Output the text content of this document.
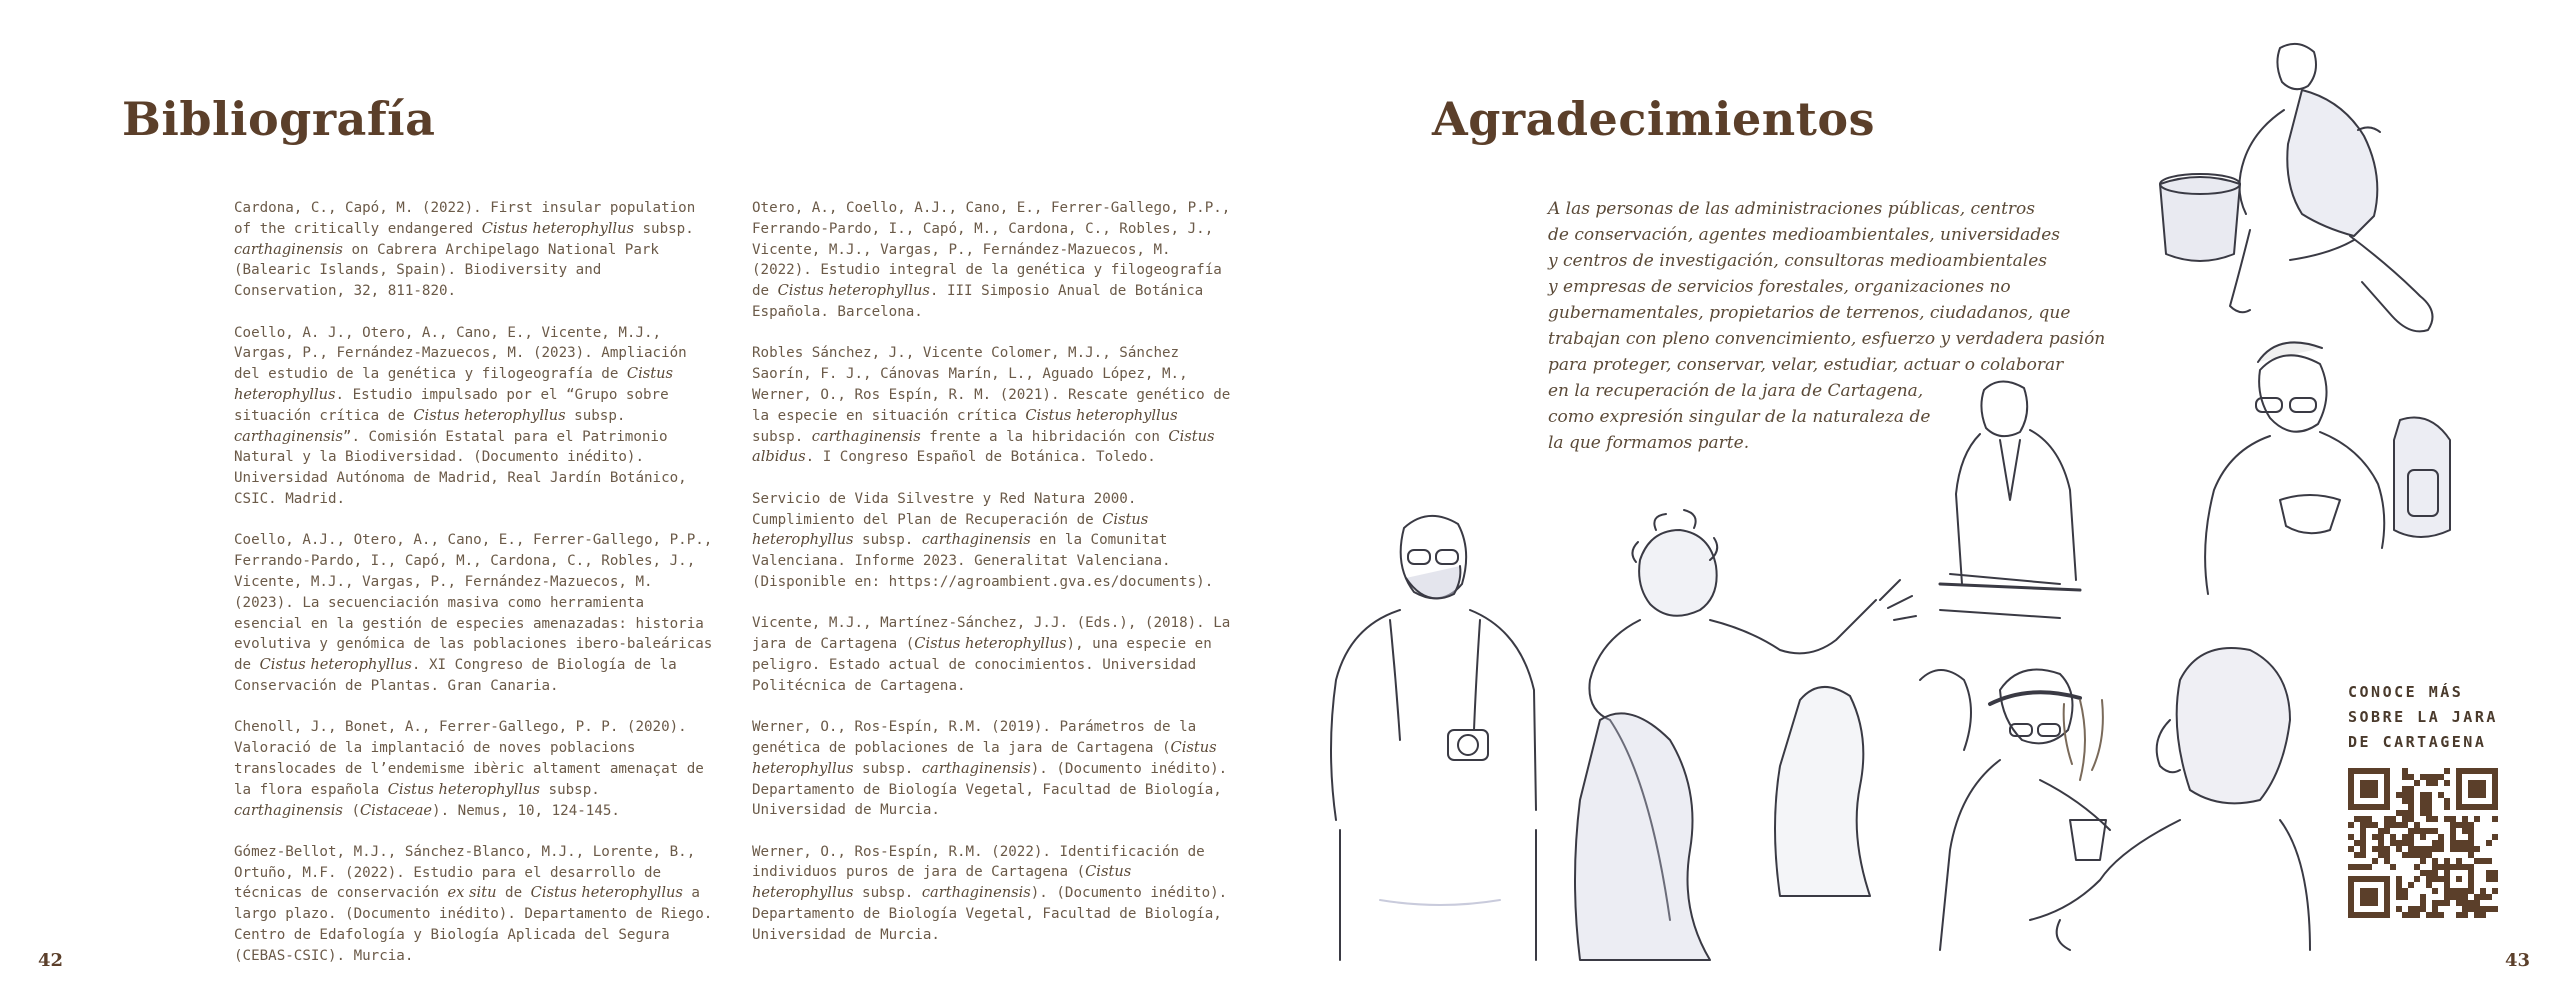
Bibliografía

Cardona, C., Capó, M. (2022). First insular population of the critically endangered Cistus heterophyllus subsp. carthaginensis on Cabrera Archipelago National Park (Balearic Islands, Spain). Biodiversity and Conservation, 32, 811-820.

Coello, A. J., Otero, A., Cano, E., Vicente, M.J., Vargas, P., Fernández-Mazuecos, M. (2023). Ampliación del estudio de la genética y filogeografía de Cistus heterophyllus. Estudio impulsado por el “Grupo sobre situación crítica de Cistus heterophyllus subsp. carthaginensis”. Comisión Estatal para el Patrimonio Natural y la Biodiversidad. (Documento inédito). Universidad Autónoma de Madrid, Real Jardín Botánico, CSIC. Madrid.

Coello, A.J., Otero, A., Cano, E., Ferrer-Gallego, P.P., Ferrando-Pardo, I., Capó, M., Cardona, C., Robles, J., Vicente, M.J., Vargas, P., Fernández-Mazuecos, M. (2023). La secuenciación masiva como herramienta esencial en la gestión de especies amenazadas: historia evolutiva y genómica de las poblaciones ibero-baleáricas de Cistus heterophyllus. XI Congreso de Biología de la Conservación de Plantas. Gran Canaria.

Chenoll, J., Bonet, A., Ferrer-Gallego, P. P. (2020). Valoració de la implantació de noves poblacions translocades de l’endemisme ibèric altament amenaçat de la flora española Cistus heterophyllus subsp. carthaginensis (Cistaceae). Nemus, 10, 124-145.

Gómez-Bellot, M.J., Sánchez-Blanco, M.J., Lorente, B., Ortuño, M.F. (2022). Estudio para el desarrollo de técnicas de conservación ex situ de Cistus heterophyllus a largo plazo. (Documento inédito). Departamento de Riego. Centro de Edafología y Biología Aplicada del Segura (CEBAS-CSIC). Murcia.

Otero, A., Coello, A.J., Cano, E., Ferrer-Gallego, P.P., Ferrando-Pardo, I., Capó, M., Cardona, C., Robles, J., Vicente, M.J., Vargas, P., Fernández-Mazuecos, M. (2022). Estudio integral de la genética y filogeografía de Cistus heterophyllus. III Simposio Anual de Botánica Española. Barcelona.

Robles Sánchez, J., Vicente Colomer, M.J., Sánchez Saorín, F. J., Cánovas Marín, L., Aguado López, M., Werner, O., Ros Espín, R. M. (2021). Rescate genético de la especie en situación crítica Cistus heterophyllus subsp. carthaginensis frente a la hibridación con Cistus albidus. I Congreso Español de Botánica. Toledo.

Servicio de Vida Silvestre y Red Natura 2000. Cumplimiento del Plan de Recuperación de Cistus heterophyllus subsp. carthaginensis en la Comunitat Valenciana. Informe 2023. Generalitat Valenciana. (Disponible en: https://agroambient.gva.es/documents).

Vicente, M.J., Martínez-Sánchez, J.J. (Eds.), (2018). La jara de Cartagena (Cistus heterophyllus), una especie en peligro. Estado actual de conocimientos. Universidad Politécnica de Cartagena.

Werner, O., Ros-Espín, R.M. (2019). Parámetros de la genética de poblaciones de la jara de Cartagena (Cistus heterophyllus subsp. carthaginensis). (Documento inédito). Departamento de Biología Vegetal, Facultad de Biología, Universidad de Murcia.

Werner, O., Ros-Espín, R.M. (2022). Identificación de individuos puros de jara de Cartagena (Cistus heterophyllus subsp. carthaginensis). (Documento inédito). Departamento de Biología Vegetal, Facultad de Biología, Universidad de Murcia.

42
Agradecimientos
A las personas de las administraciones públicas, centros
de conservación, agentes medioambientales, universidades
y centros de investigación, consultoras medioambientales
y empresas de servicios forestales, organizaciones no
gubernamentales, propietarios de terrenos, ciudadanos, que
trabajan con pleno convencimiento, esfuerzo y verdadera pasión
para proteger, conservar, velar, estudiar, actuar o colaborar
en la recuperación de la jara de Cartagena,
como expresión singular de la naturaleza de
la que formamos parte.
CONOCE MÁS
SOBRE LA JARA
DE CARTAGENA
43
